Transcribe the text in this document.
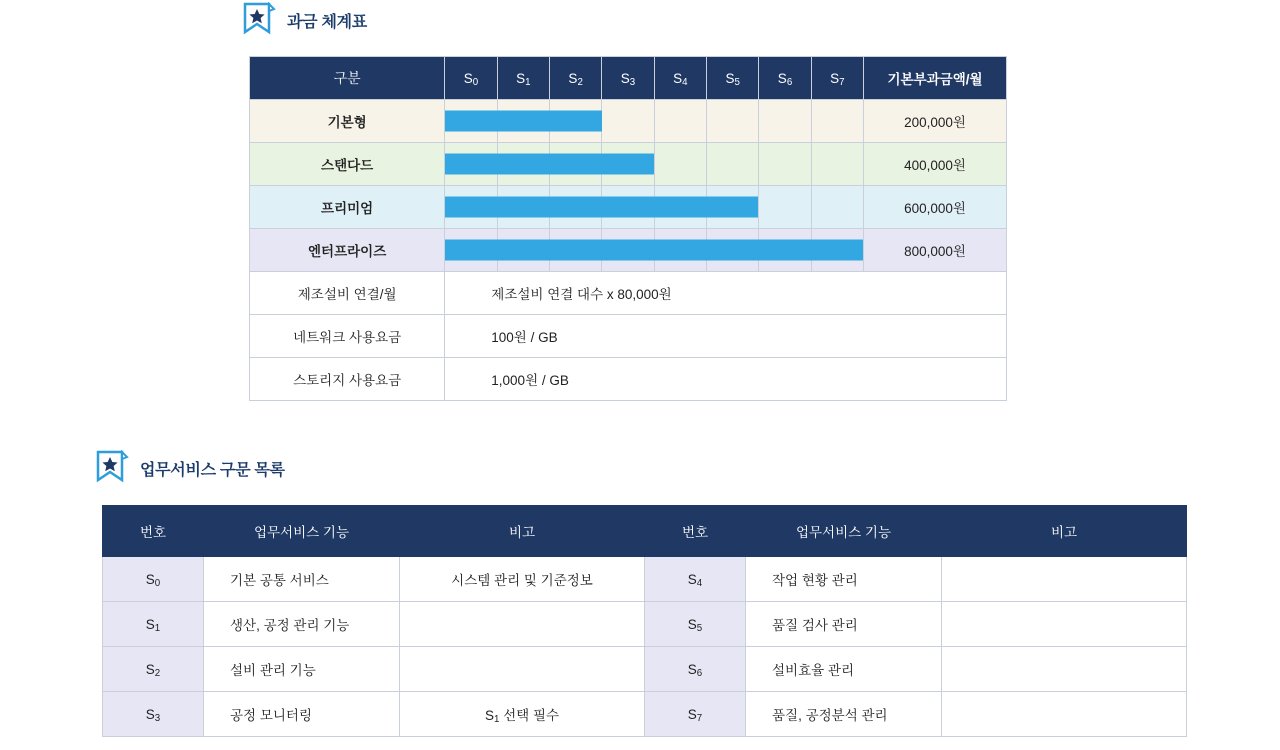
과금 체계표
구분	$S_0$	$S_1$	$S_2$	$S_3$	$S_4$	$S_5$	$S_6$	$S_7$	기본부과금액/월
기본형									200,000원
스탠다드									400,000원
프리미엄									600,000원
엔터프라이즈									800,000원
제조설비 연결/월	제조설비 연결 대수 x 80,000원								
네트워크 사용요금	100원 / GB								
스토리지 사용요금	1,000원 / GB								
업무서비스 구문 목록
번호	업무서비스 기능	비고	번호	업무서비스 기능	비고
$S_0$	기본 공통 서비스	시스템 관리 및 기준정보	$S_4$	작업 현황 관리	
$S_1$	생산, 공정 관리 기능		$S_5$	품질 검사 관리	
$S_2$	설비 관리 기능		$S_6$	설비효율 관리	
$S_3$	공정 모니터링	$S_1$ 선택 필수	$S_7$	품질, 공정분석 관리	
